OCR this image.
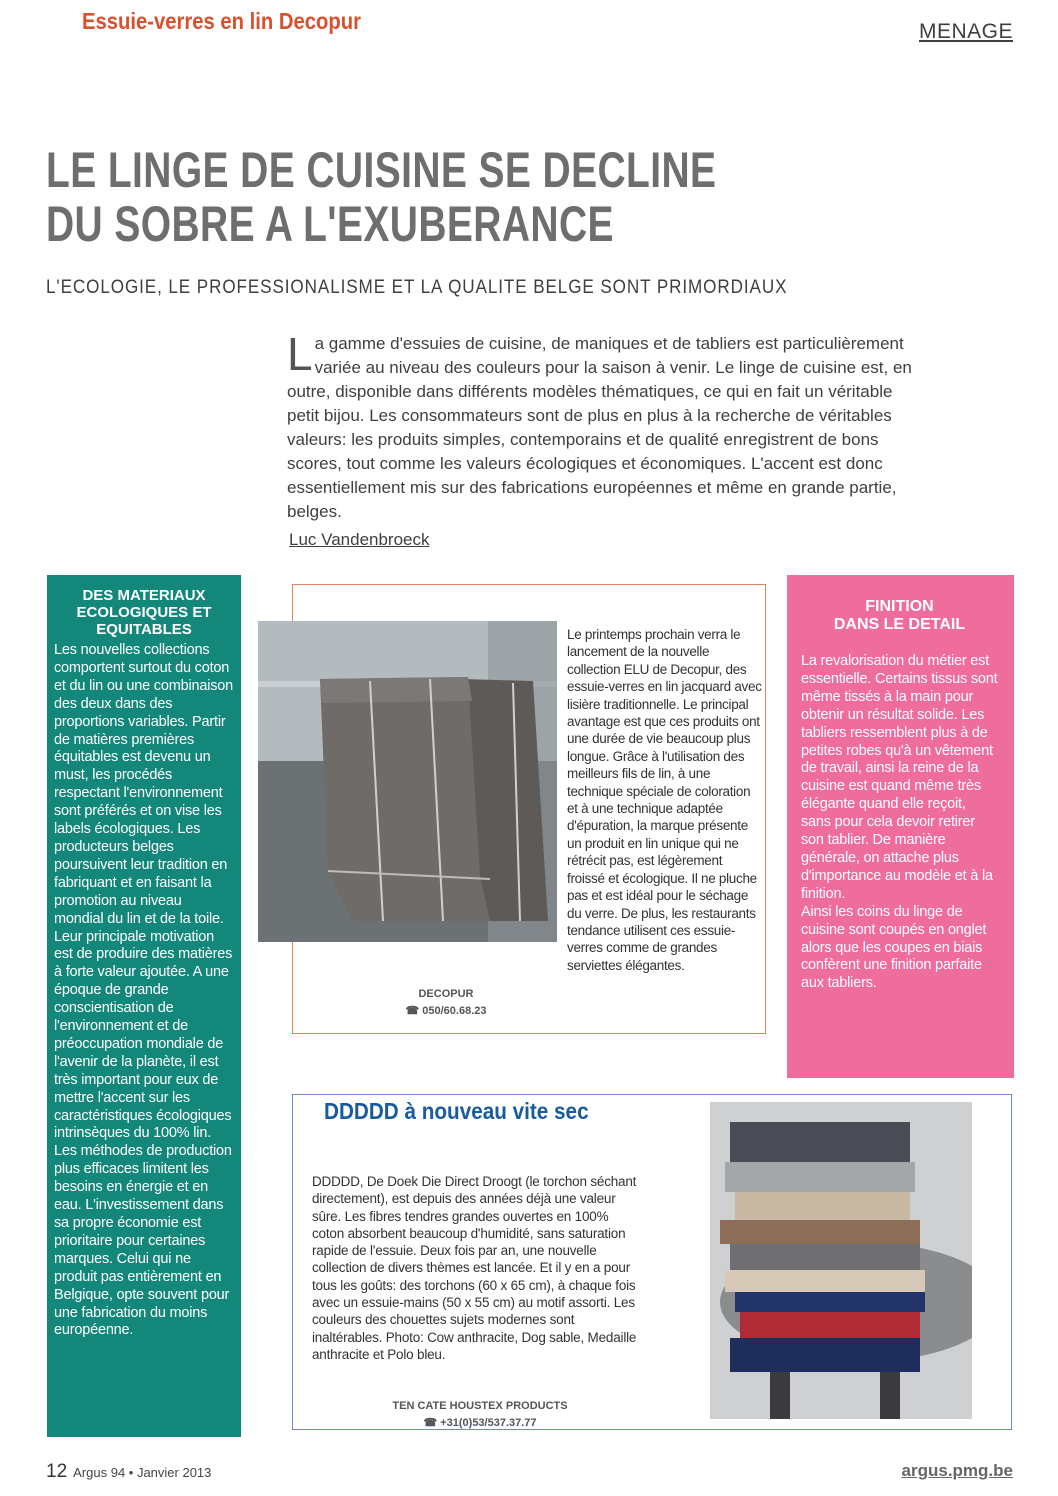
MENAGE
LE LINGE DE CUISINE SE DECLINE
DU SOBRE A L'EXUBERANCE
L'ECOLOGIE, LE PROFESSIONALISME ET LA QUALITE BELGE SONT PRIMORDIAUX
La gamme d'essuies de cuisine, de maniques et de tabliers est particulièrement variée au niveau des couleurs pour la saison à venir. Le linge de cuisine est, en outre, disponible dans différents modèles thématiques, ce qui en fait un véritable petit bijou. Les consommateurs sont de plus en plus à la recherche de véritables valeurs: les produits simples, contemporains et de qualité enregistrent de bons scores, tout comme les valeurs écologiques et économiques. L'accent est donc essentiellement mis sur des fabrications européennes et même en grande partie, belges.
Luc Vandenbroeck
DES MATERIAUX ECOLOGIQUES ET EQUITABLES
Les nouvelles collections comportent surtout du coton et du lin ou une combinaison des deux dans des proportions variables. Partir de matières premières équitables est devenu un must, les procédés respectant l'environnement sont préférés et on vise les labels écologiques. Les producteurs belges poursuivent leur tradition en fabriquant et en faisant la promotion au niveau mondial du lin et de la toile. Leur principale motivation est de produire des matières à forte valeur ajoutée. A une époque de grande conscientisation de l'environnement et de préoccupation mondiale de l'avenir de la planète, il est très important pour eux de mettre l'accent sur les caractéristiques écologiques intrinsèques du 100% lin. Les méthodes de production plus efficaces limitent les besoins en énergie et en eau. L'investissement dans sa propre économie est prioritaire pour certaines marques. Celui qui ne produit pas entièrement en Belgique, opte souvent pour une fabrication du moins européenne.
Essuie-verres en lin Decopur
Le printemps prochain verra le lancement de la nouvelle collection ELU de Decopur, des essuie-verres en lin jacquard avec lisière traditionnelle. Le principal avantage est que ces produits ont une durée de vie beaucoup plus longue. Grâce à l'utilisation des meilleurs fils de lin, à une technique spéciale de coloration et à une technique adaptée d'épuration, la marque présente un produit en lin unique qui ne rétrécit pas, est légèrement froissé et écologique. Il ne pluche pas et est idéal pour le séchage du verre. De plus, les restaurants tendance utilisent ces essuie-verres comme de grandes serviettes élégantes.
DECOPUR
☎ 050/60.68.23
FINITION
DANS LE DETAIL
La revalorisation du métier est essentielle. Certains tissus sont même tissés à la main pour obtenir un résultat solide. Les tabliers ressemblent plus à de petites robes qu'à un vêtement de travail, ainsi la reine de la cuisine est quand même très élégante quand elle reçoit, sans pour cela devoir retirer son tablier. De manière générale, on attache plus d'importance au modèle et à la finition.
Ainsi les coins du linge de cuisine sont coupés en onglet alors que les coupes en biais confèrent une finition parfaite aux tabliers.
DDDDD à nouveau vite sec
DDDDD, De Doek Die Direct Droogt (le torchon séchant directement), est depuis des années déjà une valeur sûre. Les fibres tendres grandes ouvertes en 100% coton absorbent beaucoup d'humidité, sans saturation rapide de l'essuie. Deux fois par an, une nouvelle collection de divers thèmes est lancée. Et il y en a pour tous les goûts: des torchons (60 x 65 cm), à chaque fois avec un essuie-mains (50 x 55 cm) au motif assorti. Les couleurs des chouettes sujets modernes sont inaltérables. Photo: Cow anthracite, Dog sable, Medaille anthracite et Polo bleu.
TEN CATE HOUSTEX PRODUCTS
☎ +31(0)53/537.37.77
12 Argus 94 • Janvier 2013	argus.pmg.be
